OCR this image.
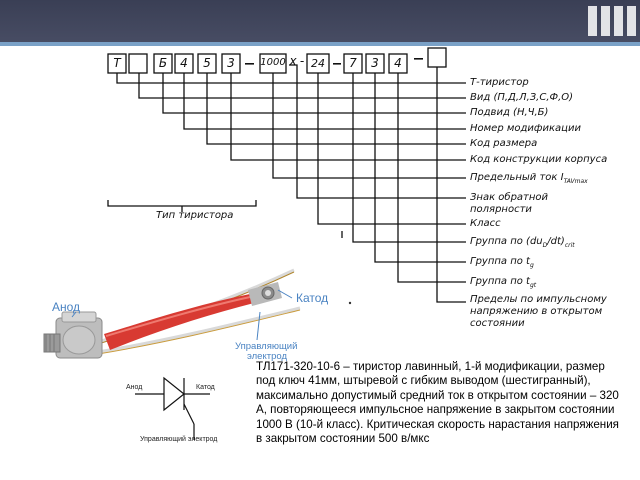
Т	Б	4	5	3	1000 х - 24	7	3	4
Т-тиристор
Вид (П,Д,Л,З,С,Ф,О)
Подвид (Н,Ч,Б)
Номер модификации
Код размера
Код конструкции корпуса
Предельный ток $I_{TAVmax}$
Знак обратной
полярности
Класс
Группа по $(du_D/dt)_{crit}$
Группа по $t_g$
Группа по $t_{gt}$
Пределы по импульсному
напряжению в открытом
состоянии
Тип тиристора
Анод
Катод
Управляющий
электрод
Анод	Катод
Управляющий электрод
ТЛ171-320-10-6 – тиристор лавинный, 1-й модификации, размер под ключ 41мм, штыревой с гибким выводом (шестигранный), максимально допустимый средний ток в открытом состоянии – 320 А, повторяющееся импульсное напряжение в закрытом состоянии 1000 В (10-й класс). Критическая скорость нарастания напряжения в закрытом состоянии 500 в/мкс
